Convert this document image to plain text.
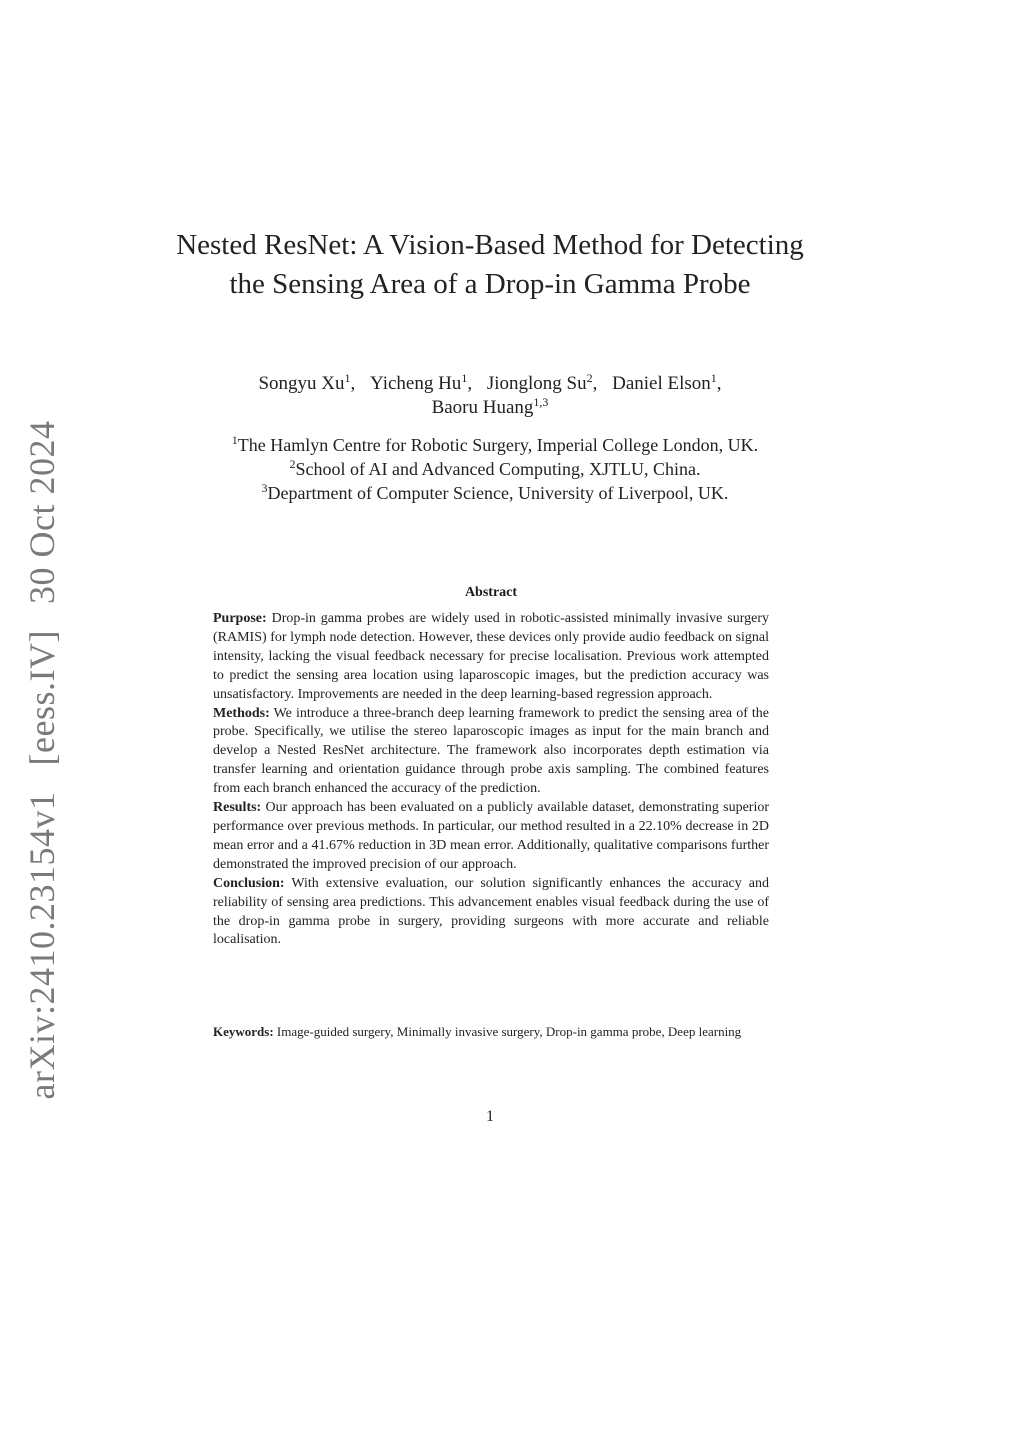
arXiv:2410.23154v1[eess.IV]30 Oct 2024
Nested ResNet: A Vision-Based Method for Detecting the Sensing Area of a Drop-in Gamma Probe
Songyu Xu$^1$, Yicheng Hu$^1$, Jionglong Su$^2$, Daniel Elson$^1$,
Baoru Huang$^{1,3}$
$^1$The Hamlyn Centre for Robotic Surgery, Imperial College London, UK.
$^2$School of AI and Advanced Computing, XJTLU, China.
$^3$Department of Computer Science, University of Liverpool, UK.
Abstract

Purpose: Drop-in gamma probes are widely used in robotic-assisted minimally invasive surgery (RAMIS) for lymph node detection. However, these devices only provide audio feedback on signal intensity, lacking the visual feedback necessary for precise localisation. Previous work attempted to predict the sensing area location using laparoscopic images, but the prediction accuracy was unsatisfactory. Improvements are needed in the deep learning-based regression approach.

Methods: We introduce a three-branch deep learning framework to predict the sensing area of the probe. Specifically, we utilise the stereo laparoscopic images as input for the main branch and develop a Nested ResNet architecture. The framework also incorporates depth estimation via transfer learning and orientation guidance through probe axis sampling. The combined features from each branch enhanced the accuracy of the prediction.

Results: Our approach has been evaluated on a publicly available dataset, demonstrating superior performance over previous methods. In particular, our method resulted in a 22.10% decrease in 2D mean error and a 41.67% reduction in 3D mean error. Additionally, qualitative comparisons further demonstrated the improved precision of our approach.

Conclusion: With extensive evaluation, our solution significantly enhances the accuracy and reliability of sensing area predictions. This advancement enables visual feedback during the use of the drop-in gamma probe in surgery, providing surgeons with more accurate and reliable localisation.

Keywords: Image-guided surgery, Minimally invasive surgery, Drop-in gamma probe, Deep learning
1
